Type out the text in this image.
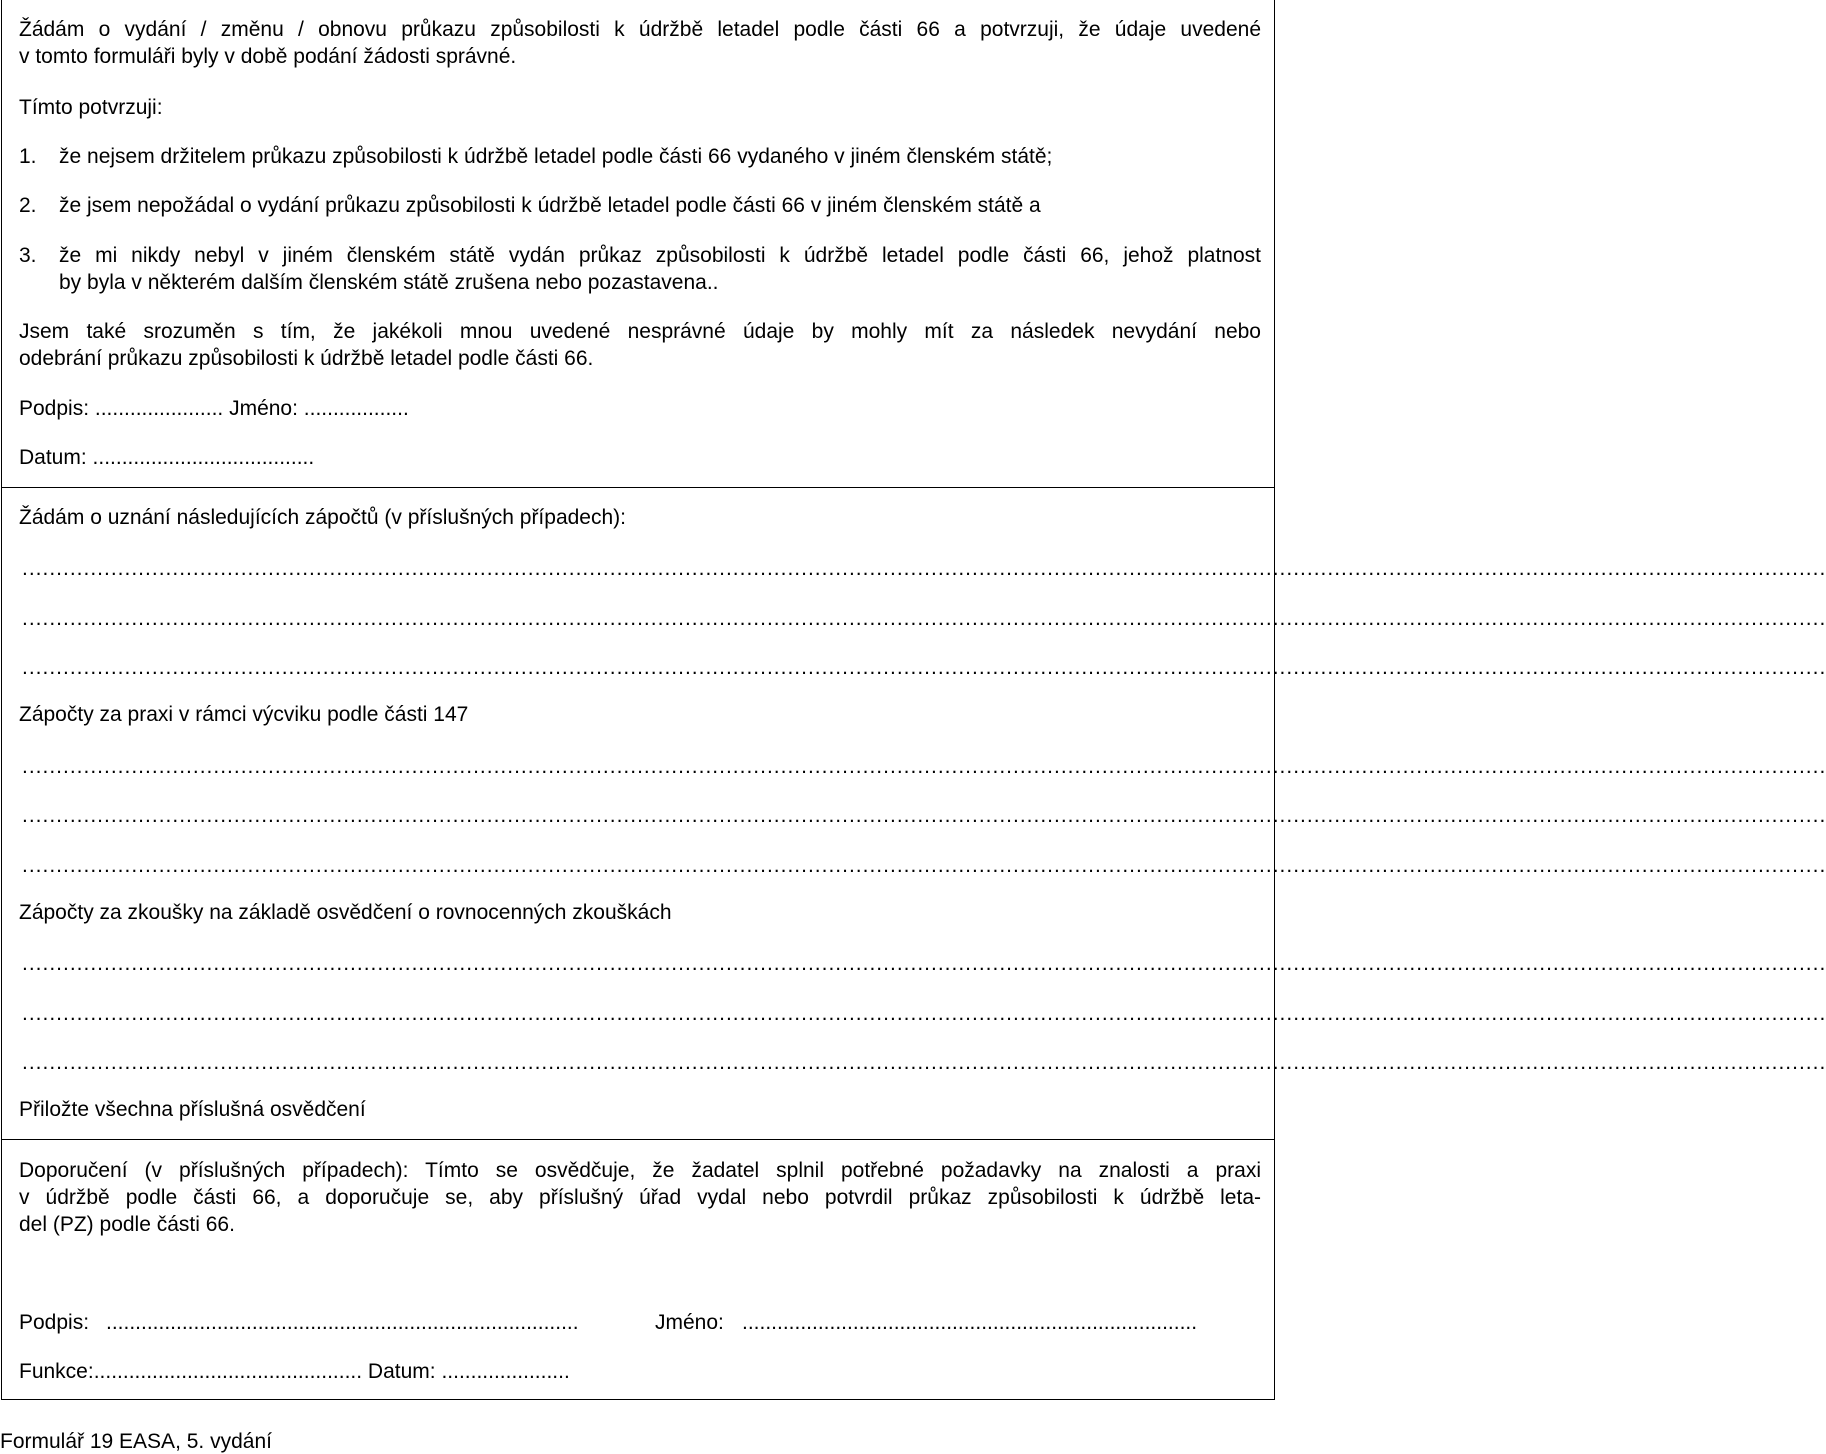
Žádám o vydání / změnu / obnovu průkazu způsobilosti k údržbě letadel podle části 66 a potvrzuji, že údaje uvedené
v tomto formuláři byly v době podání žádosti správné.
Tímto potvrzuji:
1. že nejsem držitelem průkazu způsobilosti k údržbě letadel podle části 66 vydaného v jiném členském státě;
2. že jsem nepožádal o vydání průkazu způsobilosti k údržbě letadel podle části 66 v jiném členském státě a
3. že mi nikdy nebyl v jiném členském státě vydán průkaz způsobilosti k údržbě letadel podle části 66, jehož platnost
by byla v některém dalším členském státě zrušena nebo pozastavena..
Jsem také srozuměn s tím, že jakékoli mnou uvedené nesprávné údaje by mohly mít za následek nevydání nebo
odebrání průkazu způsobilosti k údržbě letadel podle části 66.
Podpis: ...................... Jméno: ..................
Datum: ......................................
Žádám o uznání následujících zápočtů (v příslušných případech):
........................................................................................................................................................................................................................................................................
........................................................................................................................................................................................................................................................................
........................................................................................................................................................................................................................................................................
Zápočty za praxi v rámci výcviku podle části 147
........................................................................................................................................................................................................................................................................
........................................................................................................................................................................................................................................................................
........................................................................................................................................................................................................................................................................
Zápočty za zkoušky na základě osvědčení o rovnocenných zkouškách
........................................................................................................................................................................................................................................................................
........................................................................................................................................................................................................................................................................
........................................................................................................................................................................................................................................................................
Přiložte všechna příslušná osvědčení
Doporučení (v příslušných případech): Tímto se osvědčuje, že žadatel splnil potřebné požadavky na znalosti a praxi
v údržbě podle části 66, a doporučuje se, aby příslušný úřad vydal nebo potvrdil průkaz způsobilosti k údržbě leta-
del (PZ) podle části 66.
Podpis: .................................................................................	Jméno: ..............................................................................
Funkce:.............................................. Datum: ......................
Formulář 19 EASA, 5. vydání
